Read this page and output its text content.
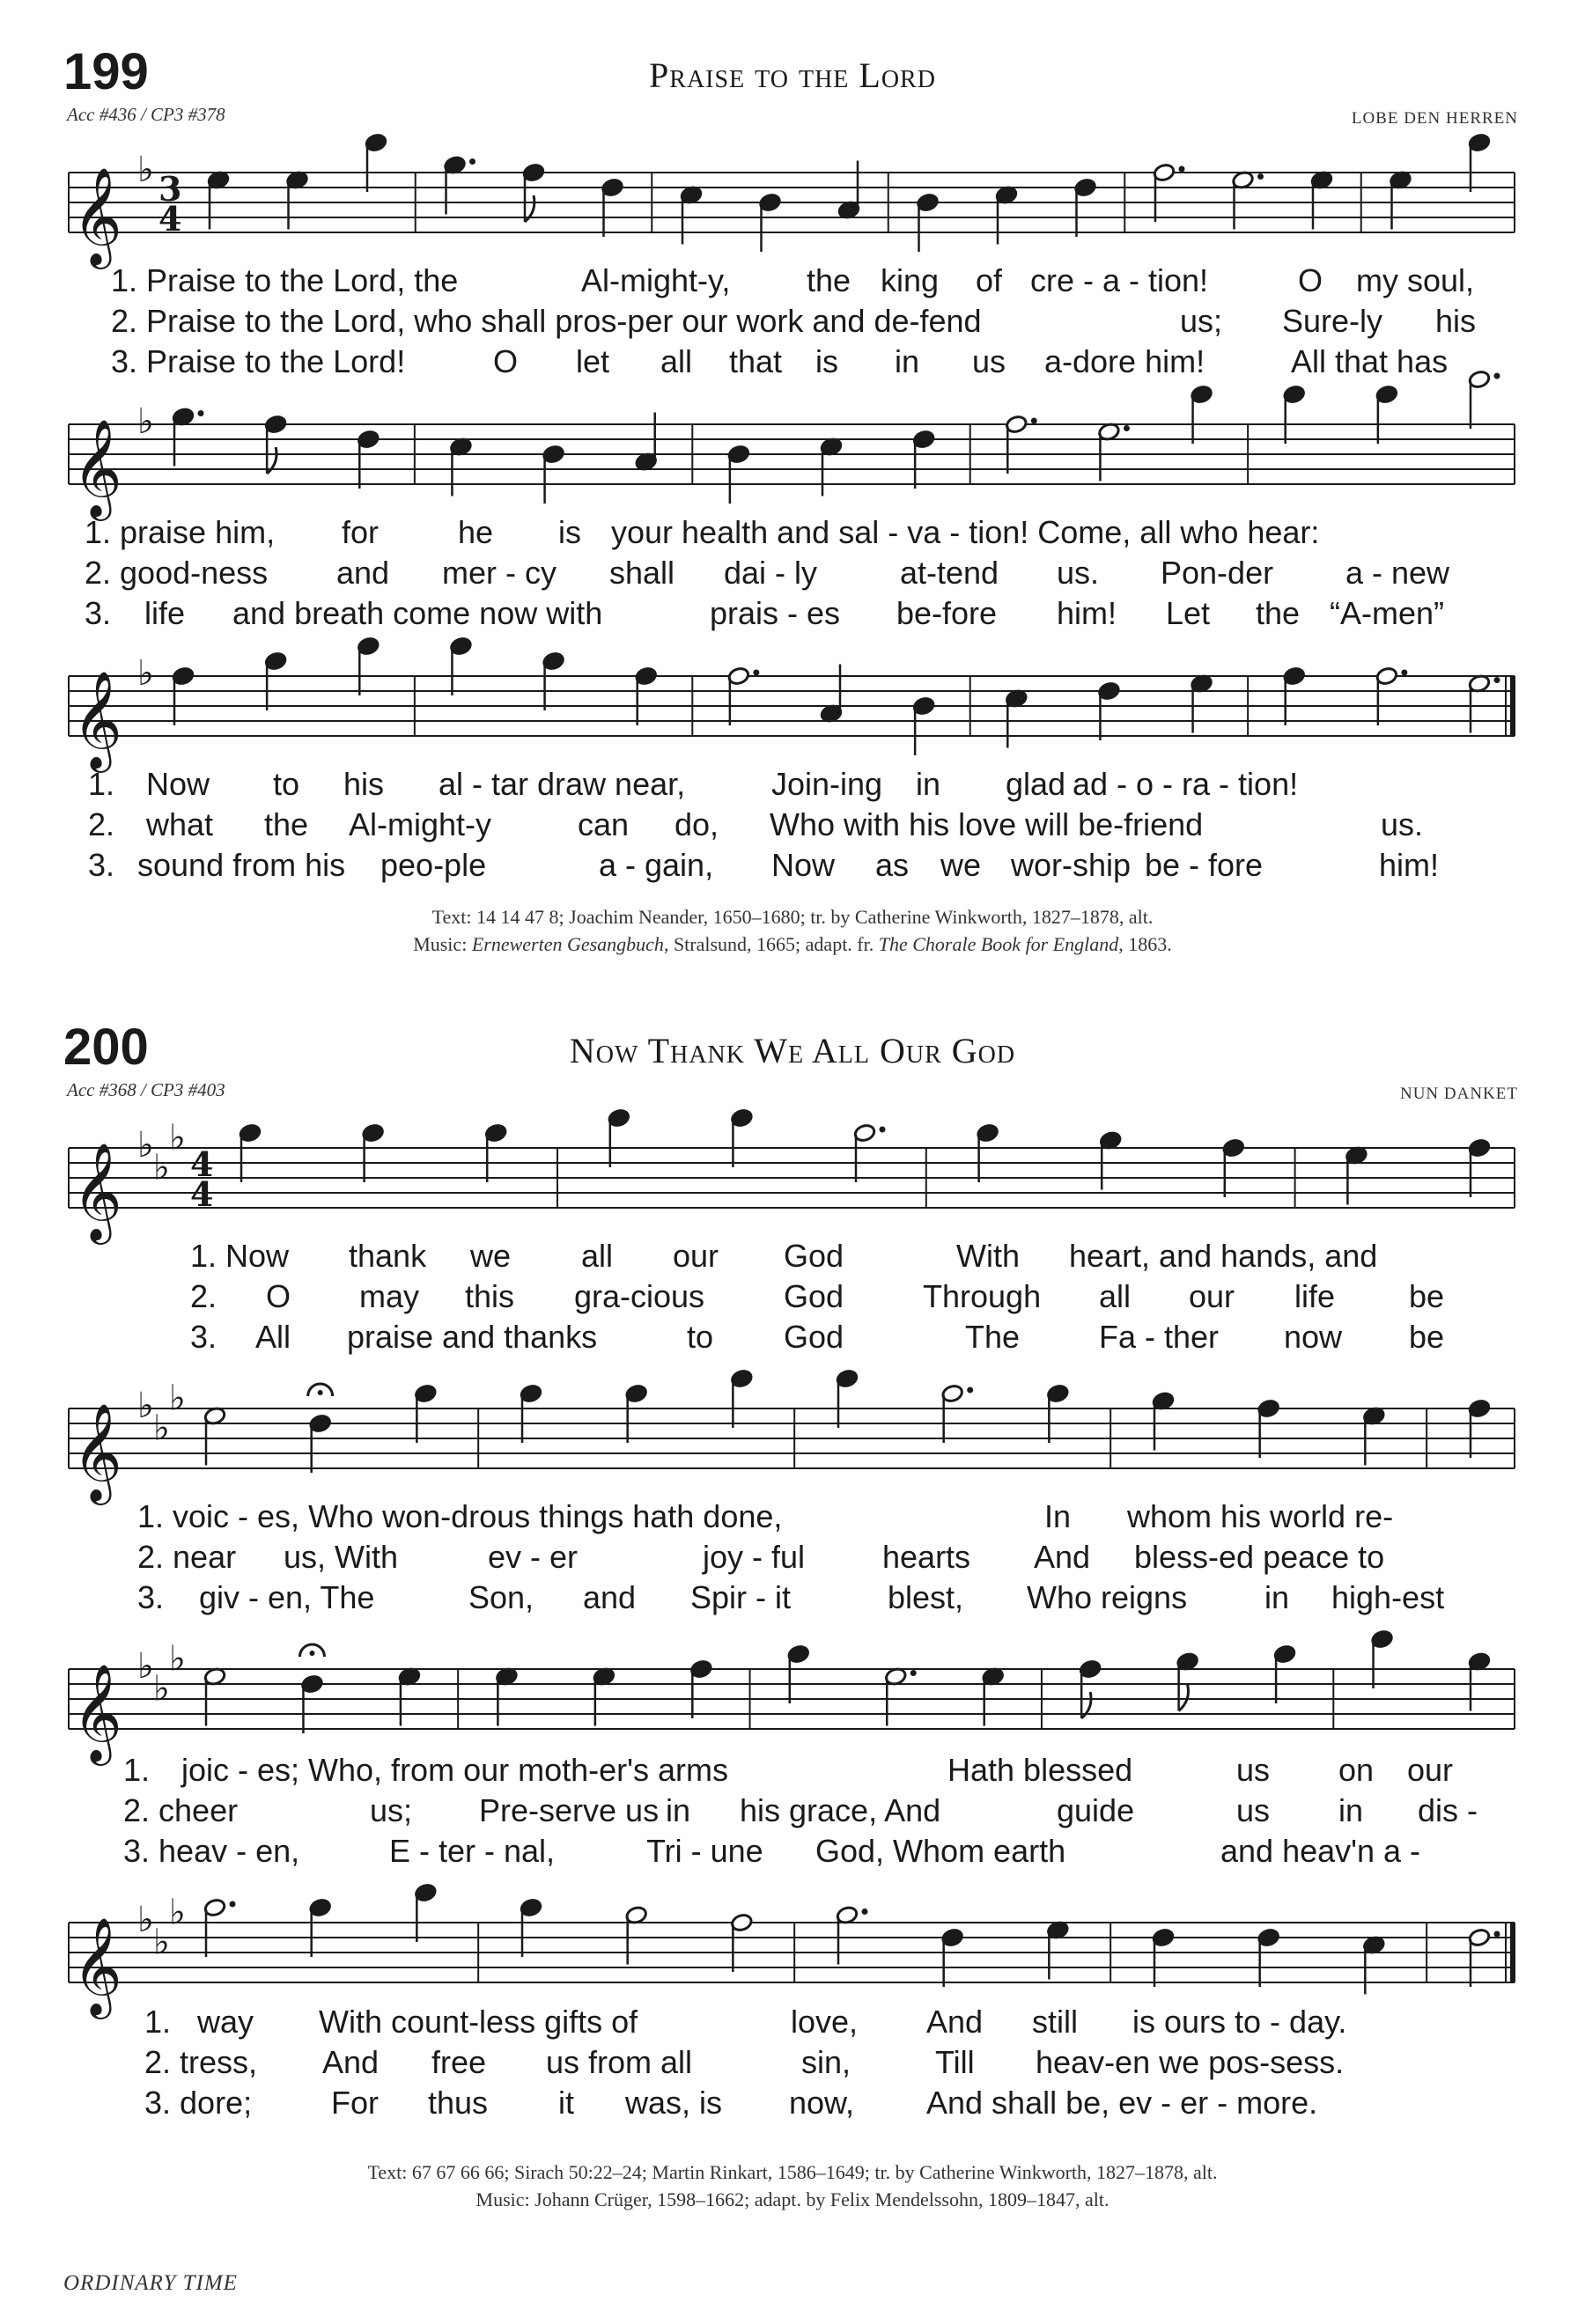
199	Praise to the Lord
Acc #436 / CP3 #378	LOBE DEN HERREN
𝄞 ♭ 3
4
1. Praise to the Lord, the	Al-might-y, the king of cre - a - tion!	O my soul,
2. Praise to the Lord, who shall pros-per our work and de-fend	us; Sure-ly his
3. Praise to the Lord!	O let all that is in us a-dore him!	All that has
𝄞 ♭
1. praise him, for he is your health and sal - va - tion! Come, all who hear:
2. good-ness and mer - cy shall dai - ly	at-tend us. Pon-der a - new
3. life and breath come now with	prais - es be-fore him! Let the “A-men”
𝄞 ♭
1. Now to his al - tar draw near,	Join-ing in glad ad - o - ra - tion!
2. what the Al-might-y	can do, Who with his love will be-friend	us.
3. sound from his peo-ple	a - gain, Now as we wor-ship be - fore	him!
Text: 14 14 47 8; Joachim Neander, 1650–1680; tr. by Catherine Winkworth, 1827–1878, alt.
Music: Ernewerten Gesangbuch, Stralsund, 1665; adapt. fr. The Chorale Book for England, 1863.
200	Now Thank We All Our God
Acc #368 / CP3 #403	NUN DANKET
𝄞 ♭
♭
♭
4
4
1. Now thank we all our God	With heart, and hands, and
2. O may this gra-cious God Through all our life be
3. All praise and thanks	to God	The Fa - ther now be
𝄞 ♭
♭
♭
1. voic - es, Who won-drous things hath done,	In whom his world re-
2. near us, With	ev - er	joy - ful hearts And bless-ed peace to
3. giv - en, The	Son, and Spir - it	blest, Who reigns in high-est
𝄞 ♭
♭
♭
1. joic - es; Who, from our moth-er's arms	Hath blessed	us on our
2. cheer	us; Pre-serve us in his grace, And	guide	us in dis -
3. heav - en,	E - ter - nal,	Tri - une God, Whom earth	and heav'n a -
𝄞 ♭
♭
♭
1. way With count-less gifts of	love, And still is ours to - day.
2. tress, And free us from all	sin,	Till heav-en we pos-sess.
3. dore; For thus it was, is now, And shall be, ev - er - more.
Text: 67 67 66 66; Sirach 50:22–24; Martin Rinkart, 1586–1649; tr. by Catherine Winkworth, 1827–1878, alt.
Music: Johann Crüger, 1598–1662; adapt. by Felix Mendelssohn, 1809–1847, alt.
ORDINARY TIME
